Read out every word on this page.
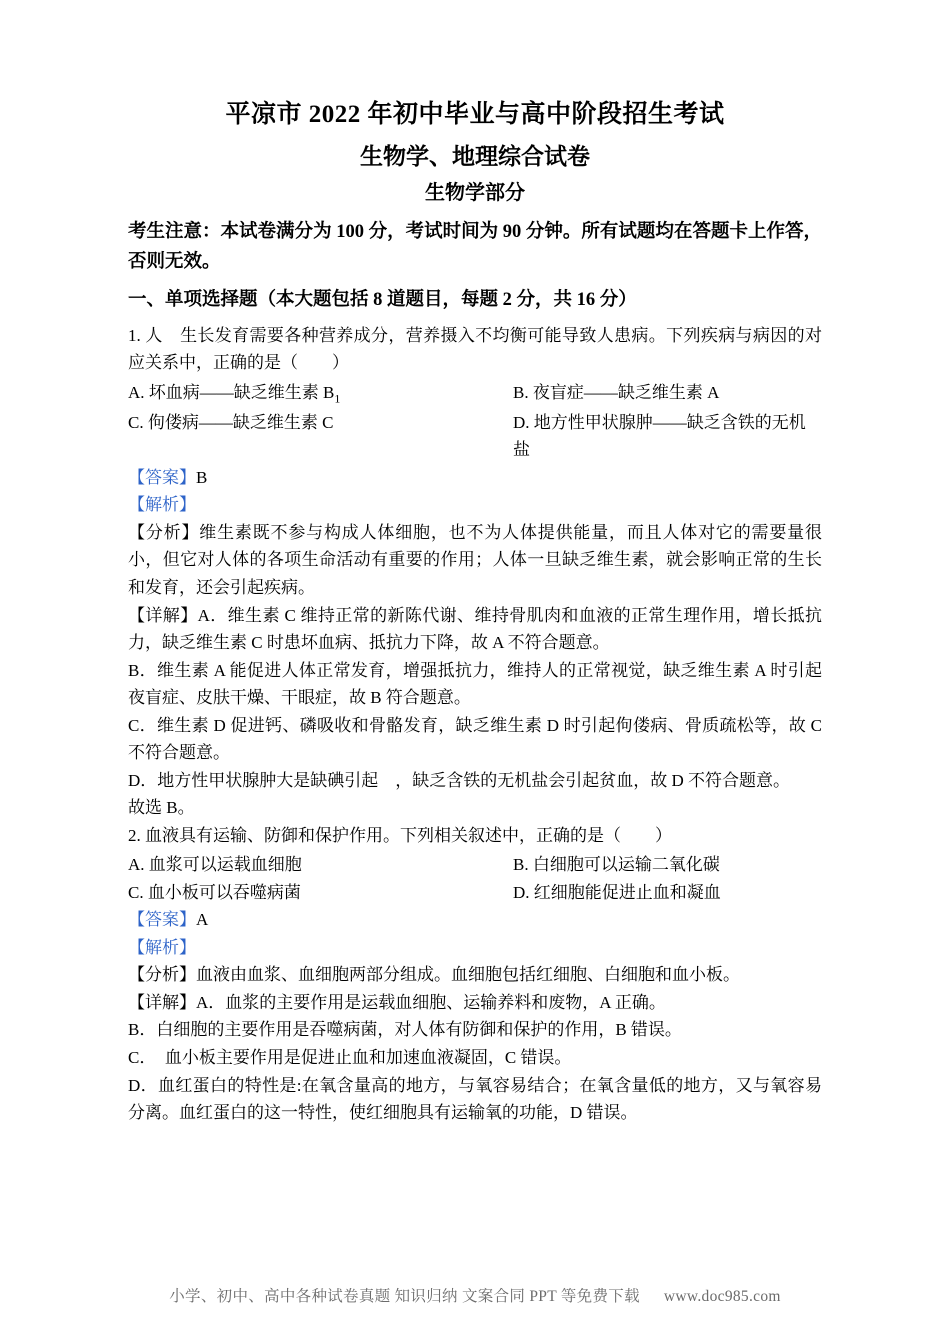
平凉市 2022 年初中毕业与高中阶段招生考试
生物学、地理综合试卷
生物学部分
考生注意：本试卷满分为 100 分，考试时间为 90 分钟。所有试题均在答题卡上作答，否则无效。
一、单项选择题（本大题包括 8 道题目，每题 2 分，共 16 分）
1. 人　生长发育需要各种营养成分，营养摄入不均衡可能导致人患病。下列疾病与病因的对应关系中，正确的是（　　）
A. 坏血病——缺乏维生素 $B_1$	B. 夜盲症——缺乏维生素 A
C. 佝偻病——缺乏维生素 C	D. 地方性甲状腺肿——缺乏含铁的无机盐
【答案】B
【解析】
【分析】维生素既不参与构成人体细胞，也不为人体提供能量，而且人体对它的需要量很小，但它对人体的各项生命活动有重要的作用；人体一旦缺乏维生素，就会影响正常的生长和发育，还会引起疾病。
【详解】A．维生素 C 维持正常的新陈代谢、维持骨肌肉和血液的正常生理作用，增长抵抗力，缺乏维生素 C 时患坏血病、抵抗力下降，故 A 不符合题意。
B．维生素 A 能促进人体正常发育，增强抵抗力，维持人的正常视觉，缺乏维生素 A 时引起夜盲症、皮肤干燥、干眼症，故 B 符合题意。
C．维生素 D 促进钙、磷吸收和骨骼发育，缺乏维生素 D 时引起佝偻病、骨质疏松等，故 C 不符合题意。
D．地方性甲状腺肿大是缺碘引起　，缺乏含铁的无机盐会引起贫血，故 D 不符合题意。
故选 B。
2. 血液具有运输、防御和保护作用。下列相关叙述中，正确的是（　　）
A. 血浆可以运载血细胞	B. 白细胞可以运输二氧化碳
C. 血小板可以吞噬病菌	D. 红细胞能促进止血和凝血
【答案】A
【解析】
【分析】血液由血浆、血细胞两部分组成。血细胞包括红细胞、白细胞和血小板。
【详解】A．血浆的主要作用是运载血细胞、运输养料和废物，A 正确。
B．白细胞的主要作用是吞噬病菌，对人体有防御和保护的作用，B 错误。
C．　血小板主要作用是促进止血和加速血液凝固，C 错误。
D．血红蛋白的特性是:在氧含量高的地方，与氧容易结合；在氧含量低的地方，又与氧容易分离。血红蛋白的这一特性，使红细胞具有运输氧的功能，D 错误。
小学、初中、高中各种试卷真题 知识归纳 文案合同 PPT 等免费下载 www.doc985.com
